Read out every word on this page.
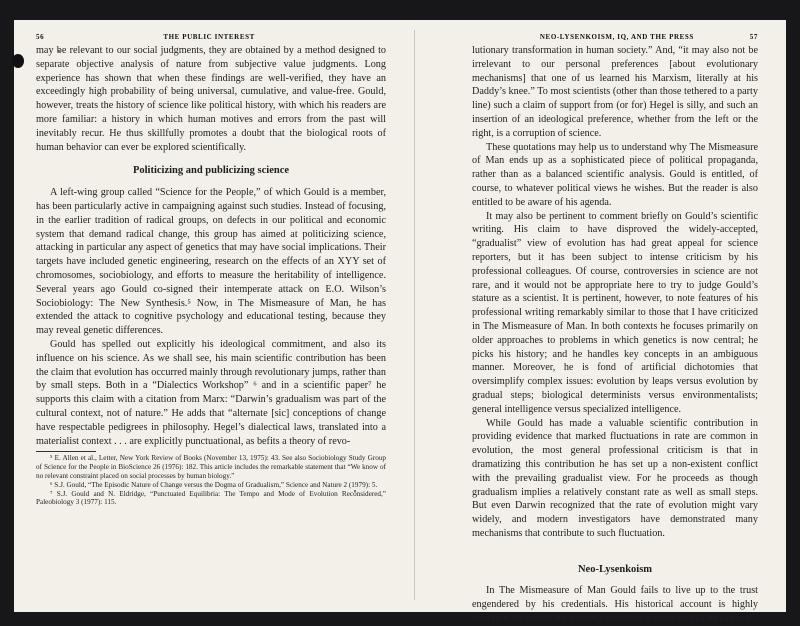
56	THE PUBLIC INTEREST

may be relevant to our social judgments, they are obtained by a method designed to separate objective analysis of nature from subjective value judgments. Long experience has shown that when these findings are well-verified, they have an exceedingly high probability of being universal, cumulative, and value-free. Gould, however, treats the history of science like political history, with which his readers are more familiar: a history in which human motives and errors from the past will inevitably recur. He thus skillfully promotes a doubt that the biological roots of human behavior can ever be explored scientifically.

Politicizing and publicizing science

A left-wing group called “Science for the People,” of which Gould is a member, has been particularly active in campaigning against such studies. Instead of focusing, in the earlier tradition of radical groups, on defects in our political and economic system that demand radical change, this group has aimed at politicizing science, attacking in particular any aspect of genetics that may have social implications. Their targets have included genetic engineering, research on the effects of an XYY set of chromosomes, sociobiology, and efforts to measure the heritability of intelligence. Several years ago Gould co-signed their intemperate attack on E.O. Wilson’s Sociobiology: The New Synthesis.⁵ Now, in The Mismeasure of Man, he has extended the attack to cognitive psychology and educational testing, because they may reveal genetic differences.

Gould has spelled out explicitly his ideological commitment, and also its influence on his science. As we shall see, his main scientific contribution has been the claim that evolution has occurred mainly through revolutionary jumps, rather than by small steps. Both in a “Dialectics Workshop” ⁶ and in a scientific paper⁷ he supports this claim with a citation from Marx: “Darwin’s gradualism was part of the cultural context, not of nature.” He adds that “alternate [sic] conceptions of change have respectable pedigrees in philosophy. Hegel’s dialectical laws, translated into a materialist context . . . are explicitly punctuational, as befits a theory of revo-

⁵ E. Allen et al., Letter, New York Review of Books (November 13, 1975): 43. See also Sociobiology Study Group of Science for the People in BioScience 26 (1976): 182. This article includes the remarkable statement that “We know of no relevant constraint placed on social processes by human biology.”

⁶ S.J. Gould, “The Episodic Nature of Change versus the Dogma of Gradualism,” Science and Nature 2 (1979): 5.

⁷ S.J. Gould and N. Eldridge, “Punctuated Equilibria: The Tempo and Mode of Evolution Reconsidered,” Paleobiology 3 (1977): 115.

NEO-LYSENKOISM, IQ, AND THE PRESS	57

lutionary transformation in human society.” And, “it may also not be irrelevant to our personal preferences [about evolutionary mechanisms] that one of us learned his Marxism, literally at his Daddy’s knee.” To most scientists (other than those tethered to a party line) such a claim of support from (or for) Hegel is silly, and such an insertion of an ideological preference, whether from the left or the right, is a corruption of science.

These quotations may help us to understand why The Mismeasure of Man ends up as a sophisticated piece of political propaganda, rather than as a balanced scientific analysis. Gould is entitled, of course, to whatever political views he wishes. But the reader is also entitled to be aware of his agenda.

It may also be pertinent to comment briefly on Gould’s scientific writing. His claim to have disproved the widely-accepted, “gradualist” view of evolution has had great appeal for science reporters, but it has been subject to intense criticism by his professional colleagues. Of course, controversies in science are not rare, and it would not be appropriate here to try to judge Gould’s stature as a scientist. It is pertinent, however, to note features of his professional writing remarkably similar to those that I have criticized in The Mismeasure of Man. In both contexts he focuses primarily on older approaches to problems in which genetics is now central; he picks his history; and he handles key concepts in an ambiguous manner. Moreover, he is fond of artificial dichotomies that oversimplify complex issues: evolution by leaps versus evolution by gradual steps; biological determinists versus environmentalists; general intelligence versus specialized intelligence.

While Gould has made a valuable scientific contribution in providing evidence that marked fluctuations in rate are common in evolution, the most general professional criticism is that in dramatizing this contribution he has set up a non-existent conflict with the prevailing gradualist view. For he proceeds as though gradualism implies a relatively constant rate as well as small steps. But even Darwin recognized that the rate of evolution might vary widely, and modern investigators have demonstrated many mechanisms that contribute to such fluctuation.

Neo-Lysenkoism

In The Mismeasure of Man Gould fails to live up to the trust engendered by his credentials. His historical account is highly selective; he asserts the non-objectivity of science so that he can test
